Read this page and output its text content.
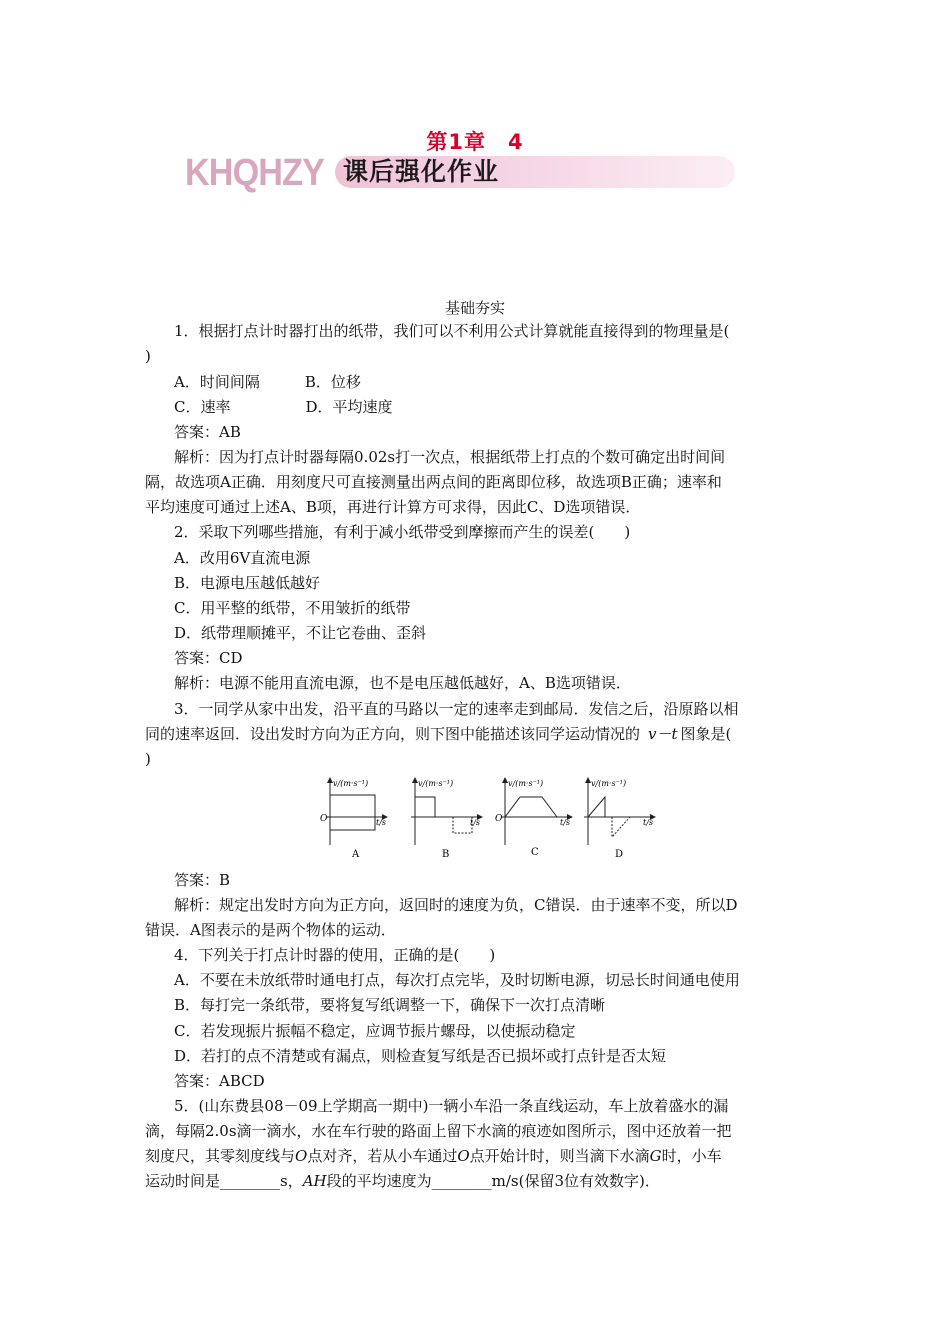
第1章　4
KHQHZY 课后强化作业
基础夯实
1．根据打点计时器打出的纸带，我们可以不利用公式计算就能直接得到的物理量是(
)
A．时间间隔　　　B．位移
C．速率　　　　　D．平均速度
答案：AB
解析：因为打点计时器每隔0.02s打一次点，根据纸带上打点的个数可确定出时间间
隔，故选项A正确．用刻度尺可直接测量出两点间的距离即位移，故选项B正确；速率和
平均速度可通过上述A、B项，再进行计算方可求得，因此C、D选项错误．
2．采取下列哪些措施，有利于减小纸带受到摩擦而产生的误差(　　)
A．改用6V直流电源
B．电源电压越低越好
C．用平整的纸带，不用皱折的纸带
D．纸带理顺摊平，不让它卷曲、歪斜
答案：CD
解析：电源不能用直流电源，也不是电压越低越好，A、B选项错误．
3．一同学从家中出发，沿平直的马路以一定的速率走到邮局．发信之后，沿原路以相
同的速率返回．设出发时方向为正方向，则下图中能描述该同学运动情况的 v－t 图象是(
)
v/(m·s⁻¹)
t/s
O
A
v/(m·s⁻¹)
t/s
B
v/(m·s⁻¹)
t/s
O
C
v/(m·s⁻¹)
t/s
D
答案：B
解析：规定出发时方向为正方向，返回时的速度为负，C错误．由于速率不变，所以D
错误．A图表示的是两个物体的运动．
4．下列关于打点计时器的使用，正确的是(　　)
A．不要在未放纸带时通电打点，每次打点完毕，及时切断电源，切忌长时间通电使用
B．每打完一条纸带，要将复写纸调整一下，确保下一次打点清晰
C．若发现振片振幅不稳定，应调节振片螺母，以使振动稳定
D．若打的点不清楚或有漏点，则检查复写纸是否已损坏或打点针是否太短
答案：ABCD
5．(山东费县08－09上学期高一期中)一辆小车沿一条直线运动，车上放着盛水的漏
滴，每隔2.0s滴一滴水，水在车行驶的路面上留下水滴的痕迹如图所示，图中还放着一把
刻度尺，其零刻度线与O点对齐，若从小车通过O点开始计时，则当滴下水滴G时，小车
运动时间是________s，AH段的平均速度为________m/s(保留3位有效数字)．
